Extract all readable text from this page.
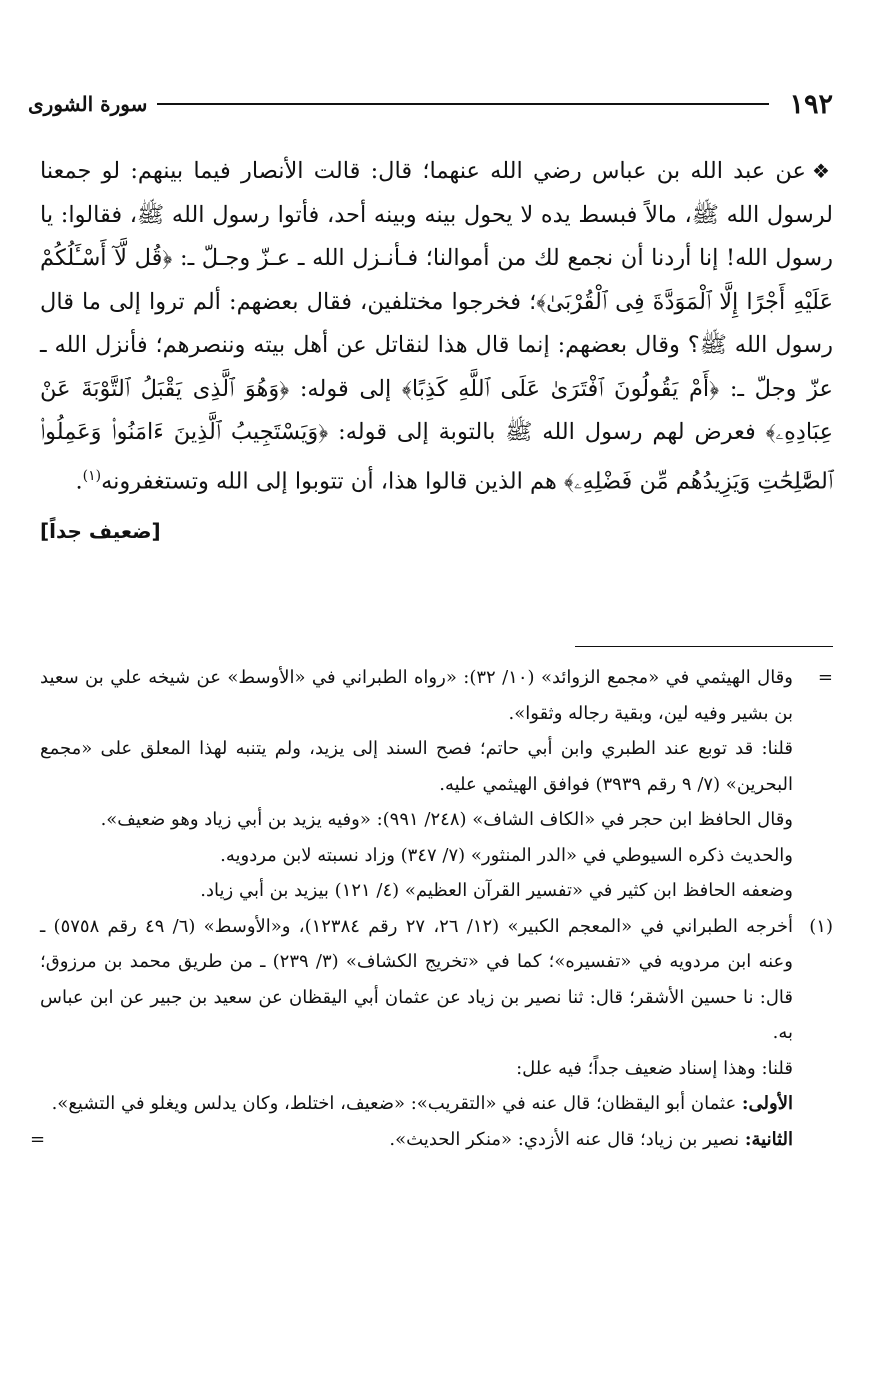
١٩٢
سورة الشورى

❖عن عبد الله بن عباس رضي الله عنهما؛ قال: قالت الأنصار فيما بينهم: لو جمعنا لرسول الله ﷺ، مالاً فبسط يده لا يحول بينه وبينه أحد، فأتوا رسول الله ﷺ، فقالوا: يا رسول الله! إنا أردنا أن نجمع لك من أموالنا؛ فـأنـزل الله ـ عـزّ وجـلّ ـ: ﴿قُل لَّآ أَسْـَٔلُكُمْ عَلَيْهِ أَجْرًا إِلَّا ٱلْمَوَدَّةَ فِى ٱلْقُرْبَىٰ﴾؛ فخرجوا مختلفين، فقال بعضهم: ألم تروا إلى ما قال رسول الله ﷺ؟ وقال بعضهم: إنما قال هذا لنقاتل عن أهل بيته وننصرهم؛ فأنزل الله ـ عزّ وجلّ ـ: ﴿أَمْ يَقُولُونَ ٱفْتَرَىٰ عَلَى ٱللَّهِ كَذِبًا﴾ إلى قوله: ﴿وَهُوَ ٱلَّذِى يَقْبَلُ ٱلتَّوْبَةَ عَنْ عِبَادِهِۦ﴾ فعرض لهم رسول الله ﷺ بالتوبة إلى قوله: ﴿وَيَسْتَجِيبُ ٱلَّذِينَ ءَامَنُوا۟ وَعَمِلُوا۟ ٱلصَّٰلِحَٰتِ وَيَزِيدُهُم مِّن فَضْلِهِۦ﴾ هم الذين قالوا هذا، أن تتوبوا إلى الله وتستغفرونه$^{(١)}$.
[ضعيف جداً]

=

وقال الهيثمي في «مجمع الزوائد» (١٠/ ٣٢): «رواه الطبراني في «الأوسط» عن شيخه علي بن سعيد بن بشير وفيه لين، وبقية رجاله وثقوا».

قلنا: قد توبع عند الطبري وابن أبي حاتم؛ فصح السند إلى يزيد، ولم يتنبه لهذا المعلق على «مجمع البحرين» (٧/ ٩ رقم ٣٩٣٩) فوافق الهيثمي عليه.

وقال الحافظ ابن حجر في «الكاف الشاف» (٢٤٨/ ٩٩١): «وفيه يزيد بن أبي زياد وهو ضعيف».

والحديث ذكره السيوطي في «الدر المنثور» (٧/ ٣٤٧) وزاد نسبته لابن مردويه.

وضعفه الحافظ ابن كثير في «تفسير القرآن العظيم» (٤/ ١٢١) بيزيد بن أبي زياد.

(١)

أخرجه الطبراني في «المعجم الكبير» (١٢/ ٢٦، ٢٧ رقم ١٢٣٨٤)، و«الأوسط» (٦/ ٤٩ رقم ٥٧٥٨) ـ وعنه ابن مردويه في «تفسيره»؛ كما في «تخريج الكشاف» (٣/ ٢٣٩) ـ من طريق محمد بن مرزوق؛ قال: نا حسين الأشقر؛ قال: ثنا نصير بن زياد عن عثمان أبي اليقظان عن سعيد بن جبير عن ابن عباس به.

قلنا: وهذا إسناد ضعيف جداً؛ فيه علل:

الأولى: عثمان أبو اليقظان؛ قال عنه في «التقريب»: «ضعيف، اختلط، وكان يدلس ويغلو في التشيع».

الثانية: نصير بن زياد؛ قال عنه الأزدي: «منكر الحديث».
=
